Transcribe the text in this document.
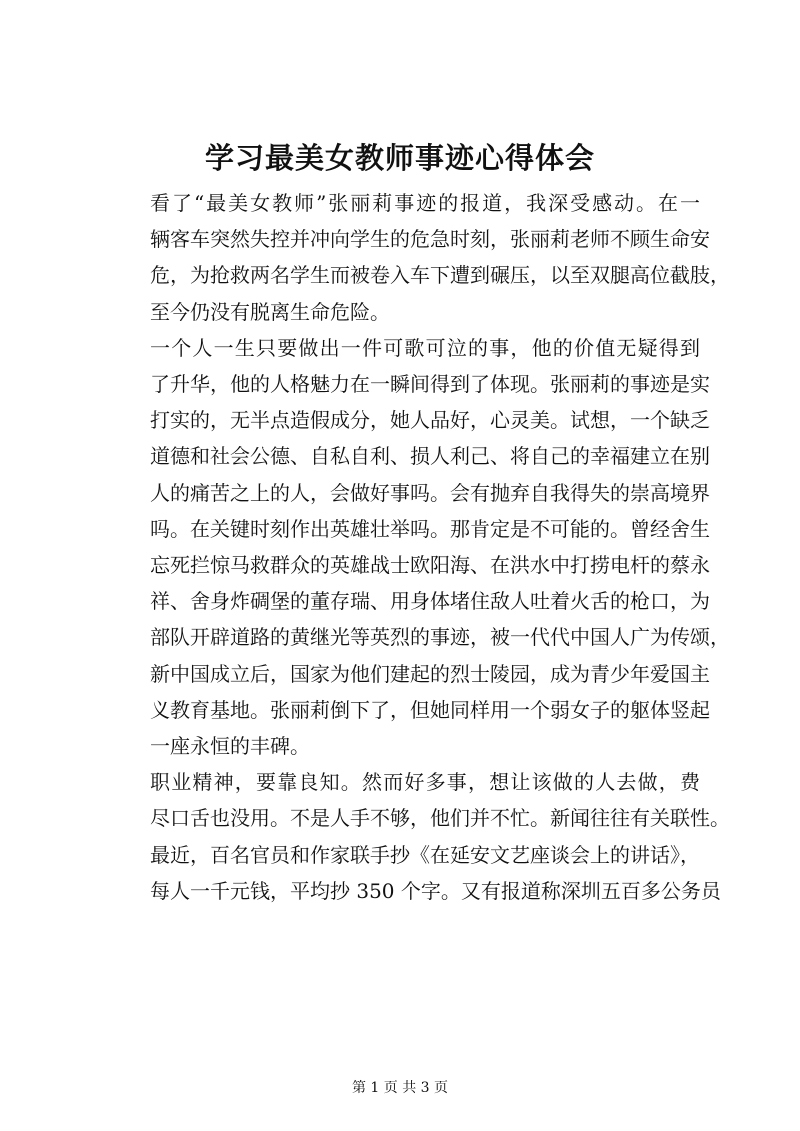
学习最美女教师事迹心得体会

看了“最美女教师”张丽莉事迹的报道，我深受感动。在一
辆客车突然失控并冲向学生的危急时刻，张丽莉老师不顾生命安
危，为抢救两名学生而被卷入车下遭到碾压，以至双腿高位截肢，
至今仍没有脱离生命危险。

一个人一生只要做出一件可歌可泣的事，他的价值无疑得到
了升华，他的人格魅力在一瞬间得到了体现。张丽莉的事迹是实
打实的，无半点造假成分，她人品好，心灵美。试想，一个缺乏
道德和社会公德、自私自利、损人利己、将自己的幸福建立在别
人的痛苦之上的人，会做好事吗。会有抛弃自我得失的崇高境界
吗。在关键时刻作出英雄壮举吗。那肯定是不可能的。曾经舍生
忘死拦惊马救群众的英雄战士欧阳海、在洪水中打捞电杆的蔡永
祥、舍身炸碉堡的董存瑞、用身体堵住敌人吐着火舌的枪口，为
部队开辟道路的黄继光等英烈的事迹，被一代代中国人广为传颂，
新中国成立后，国家为他们建起的烈士陵园，成为青少年爱国主
义教育基地。张丽莉倒下了，但她同样用一个弱女子的躯体竖起
一座永恒的丰碑。

职业精神，要靠良知。然而好多事，想让该做的人去做，费
尽口舌也没用。不是人手不够，他们并不忙。新闻往往有关联性。
最近，百名官员和作家联手抄《在延安文艺座谈会上的讲话》，
每人一千元钱，平均抄 350 个字。又有报道称深圳五百多公务员

第 1 页 共 3 页
